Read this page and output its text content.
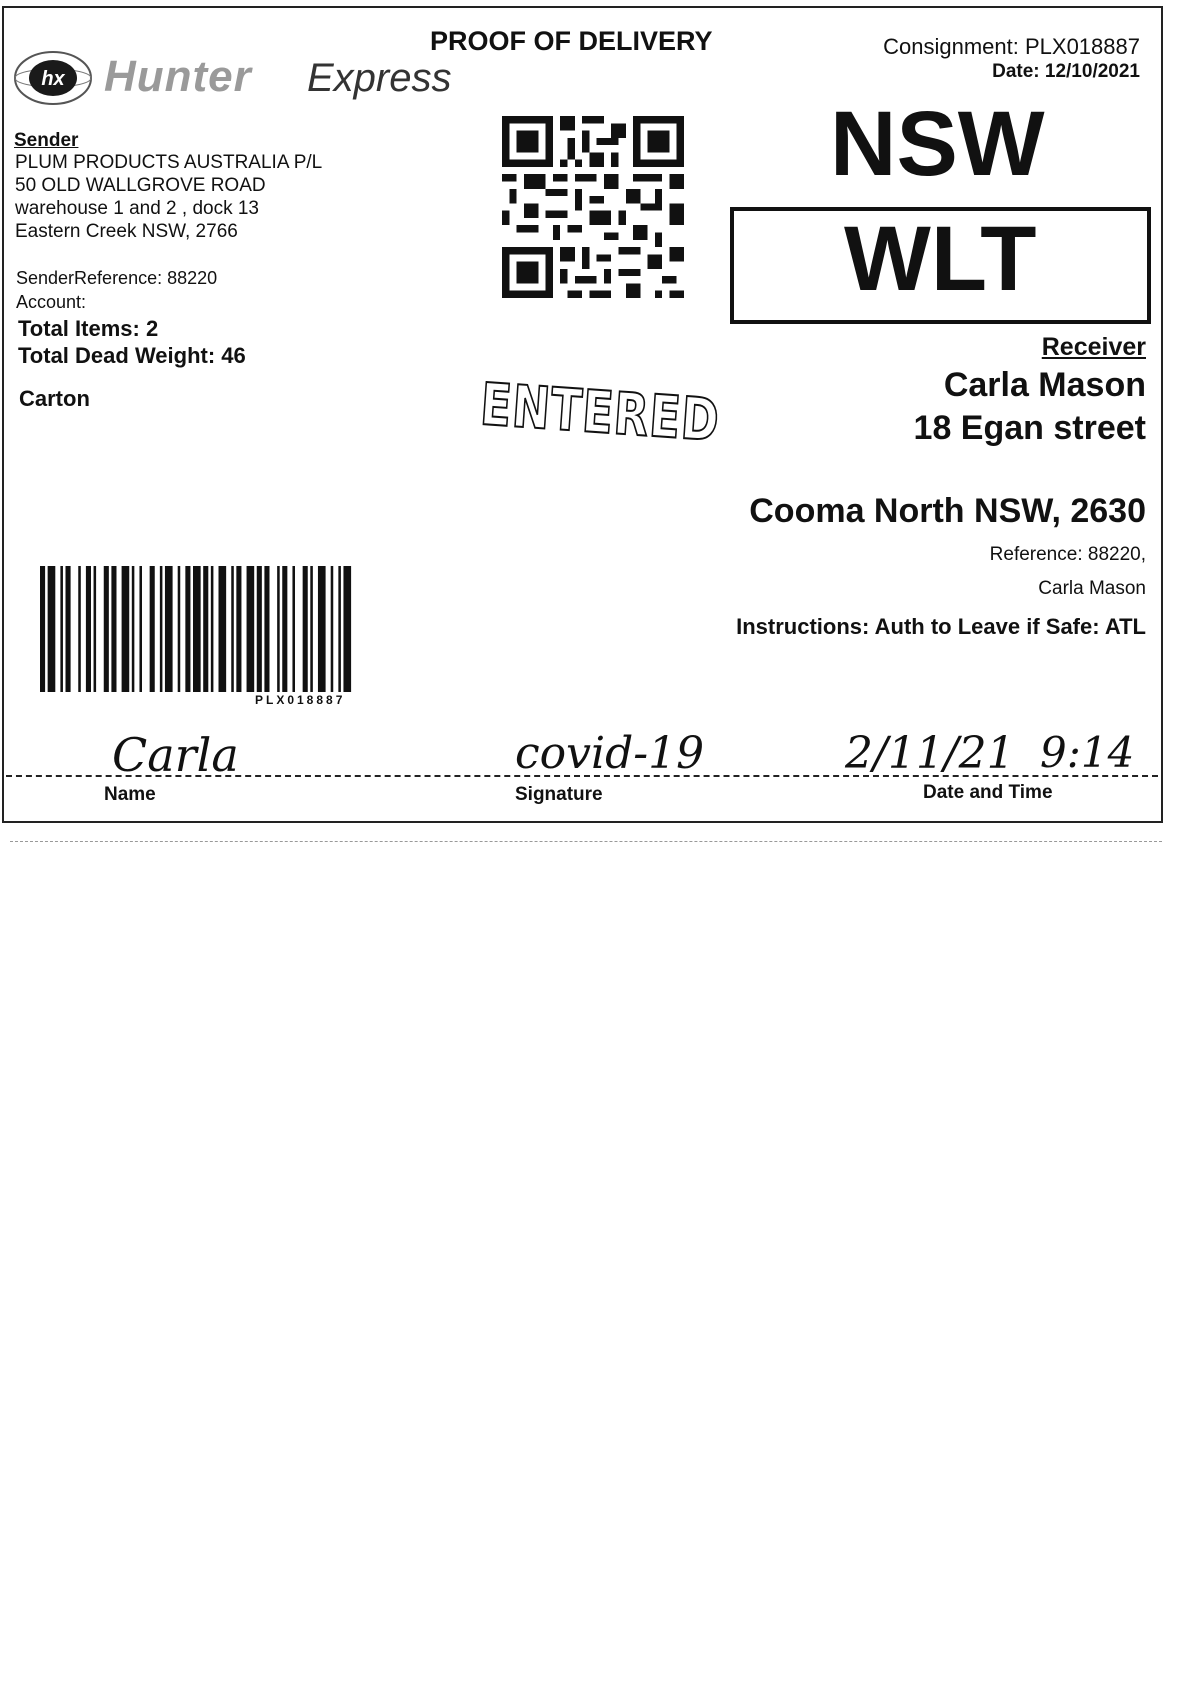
hx Hunter Express
PROOF OF DELIVERY	Consignment: PLX018887
Date: 12/10/2021
Sender
PLUM PRODUCTS AUSTRALIA P/L
50 OLD WALLGROVE ROAD
warehouse 1 and 2 , dock 13
Eastern Creek NSW, 2766
SenderReference: 88220
Account:
Total Items: 2
Total Dead Weight: 46
Carton
NSW
WLT
ENTERED
Receiver
Carla Mason
18 Egan street
Cooma North NSW, 2630
Reference: 88220,
Carla Mason
Instructions: Auth to Leave if Safe: ATL
PLX018887
Carla	covid-19	2/11/21 9:14
Name	Signature	Date and Time
